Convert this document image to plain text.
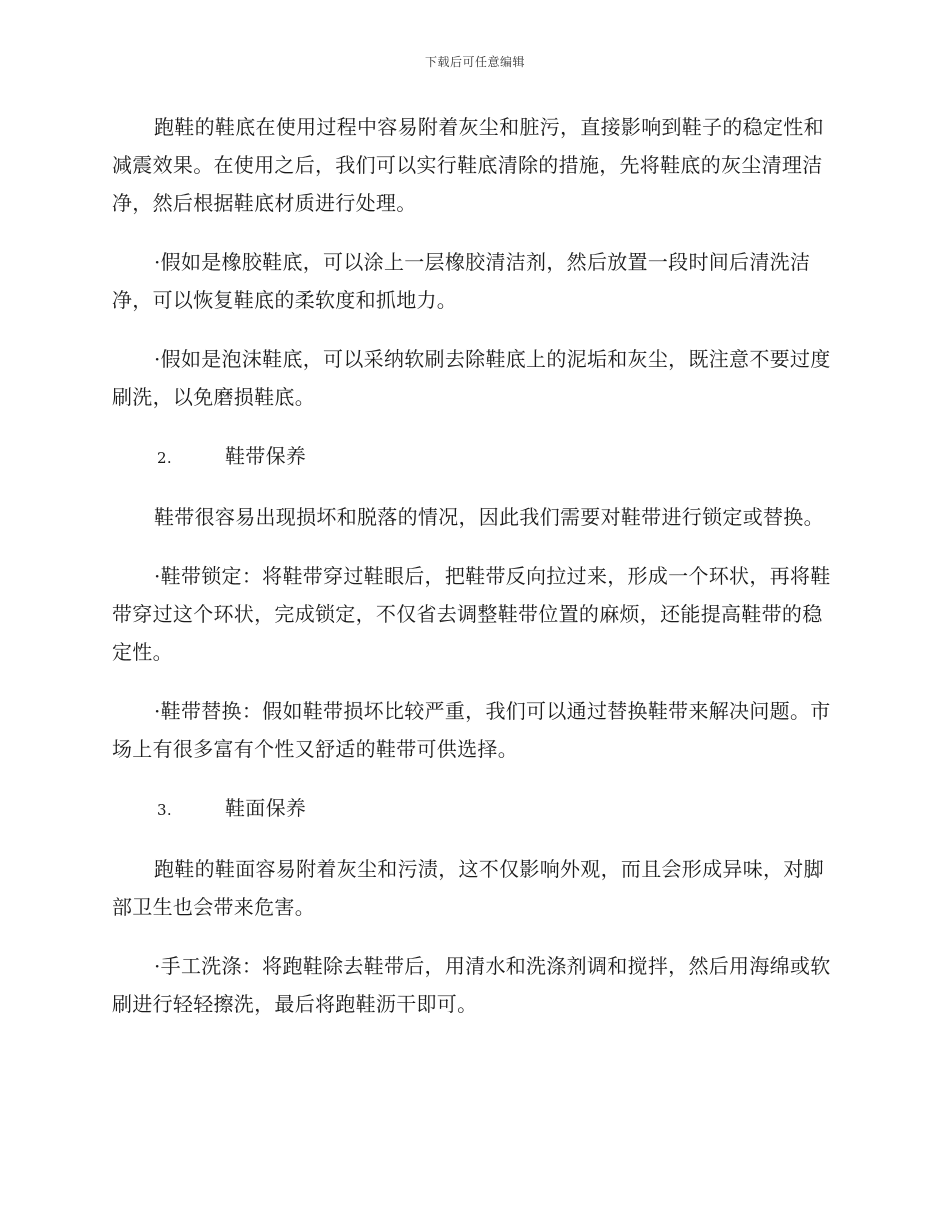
下载后可任意编辑

跑鞋的鞋底在使用过程中容易附着灰尘和脏污，直接影响到鞋子的稳定性和减震效果。在使用之后，我们可以实行鞋底清除的措施，先将鞋底的灰尘清理洁净，然后根据鞋底材质进行处理。

·假如是橡胶鞋底，可以涂上一层橡胶清洁剂，然后放置一段时间后清洗洁净，可以恢复鞋底的柔软度和抓地力。

·假如是泡沫鞋底，可以采纳软刷去除鞋底上的泥垢和灰尘，既注意不要过度刷洗，以免磨损鞋底。

2.	鞋带保养

鞋带很容易出现损坏和脱落的情况，因此我们需要对鞋带进行锁定或替换。

·鞋带锁定：将鞋带穿过鞋眼后，把鞋带反向拉过来，形成一个环状，再将鞋带穿过这个环状，完成锁定，不仅省去调整鞋带位置的麻烦，还能提高鞋带的稳定性。

·鞋带替换：假如鞋带损坏比较严重，我们可以通过替换鞋带来解决问题。市场上有很多富有个性又舒适的鞋带可供选择。

3.	鞋面保养

跑鞋的鞋面容易附着灰尘和污渍，这不仅影响外观，而且会形成异味，对脚部卫生也会带来危害。

·手工洗涤：将跑鞋除去鞋带后，用清水和洗涤剂调和搅拌，然后用海绵或软刷进行轻轻擦洗，最后将跑鞋沥干即可。
